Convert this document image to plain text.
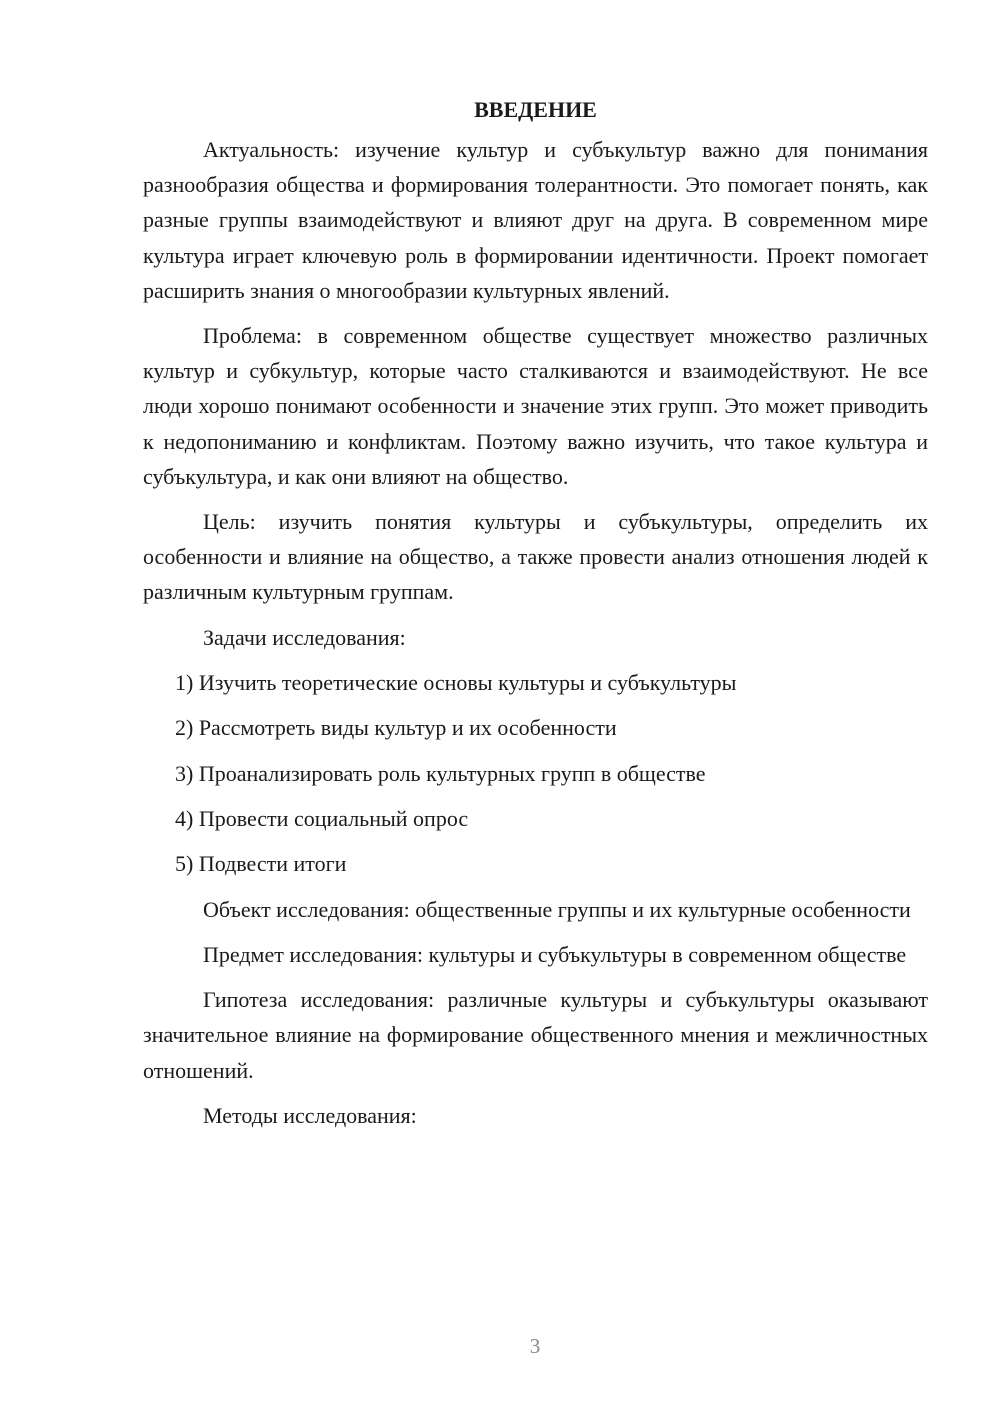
ВВЕДЕНИЕ

Актуальность: изучение культур и субъкультур важно для понимания разнообразия общества и формирования толерантности. Это помогает понять, как разные группы взаимодействуют и влияют друг на друга. В современном мире культура играет ключевую роль в формировании идентичности. Проект помогает расширить знания о многообразии культурных явлений.

Проблема: в современном обществе существует множество различных культур и субкультур, которые часто сталкиваются и взаимодействуют. Не все люди хорошо понимают особенности и значение этих групп. Это может приводить к недопониманию и конфликтам. Поэтому важно изучить, что такое культура и субъкультура, и как они влияют на общество.

Цель: изучить понятия культуры и субъкультуры, определить их особенности и влияние на общество, а также провести анализ отношения людей к различным культурным группам.

Задачи исследования:

1) Изучить теоретические основы культуры и субъкультуры
2) Рассмотреть виды культур и их особенности
3) Проанализировать роль культурных групп в обществе
4) Провести социальный опрос
5) Подвести итоги

Объект исследования: общественные группы и их культурные особенности

Предмет исследования: культуры и субъкультуры в современном обществе

Гипотеза исследования: различные культуры и субъкультуры оказывают значительное влияние на формирование общественного мнения и межличностных отношений.

Методы исследования:

3
